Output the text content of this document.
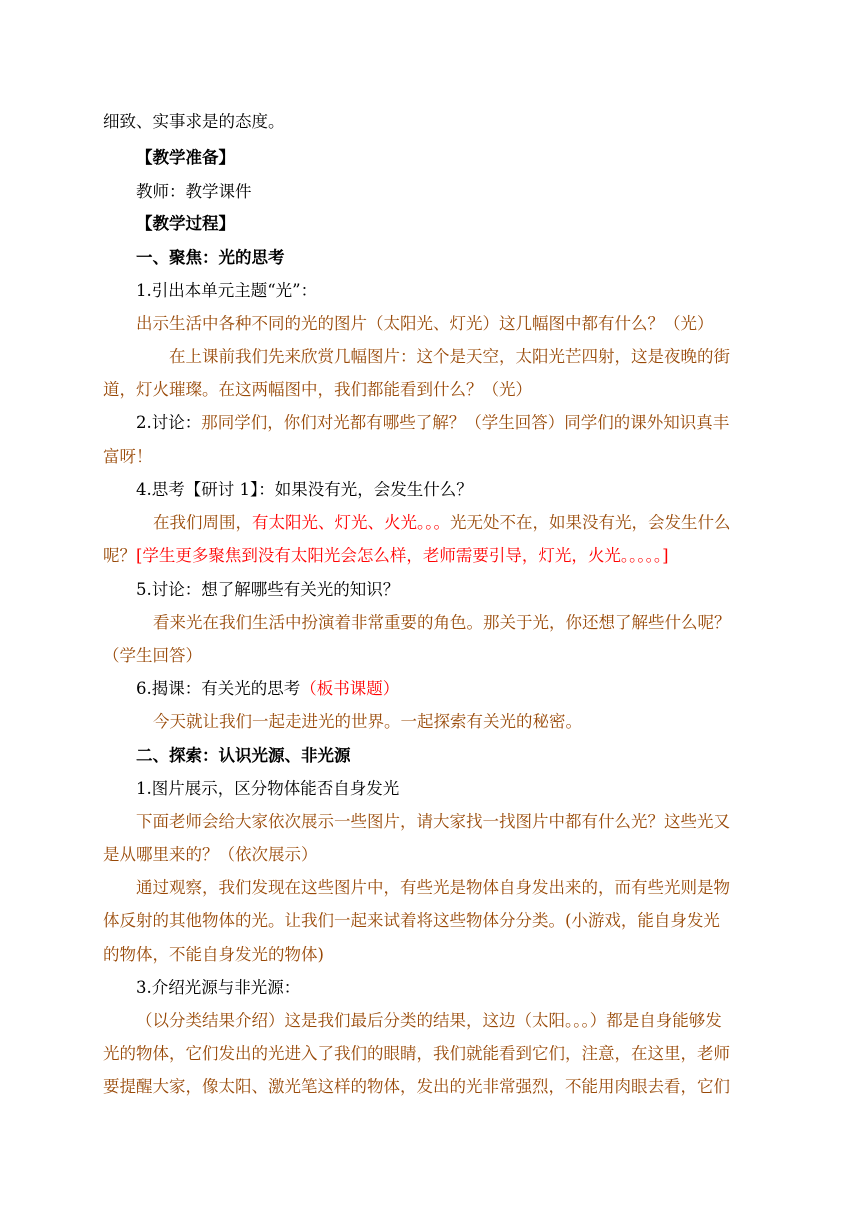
细致、实事求是的态度。
【教学准备】
教师：教学课件
【教学过程】
一、聚焦：光的思考
1.引出本单元主题“光”：
出示生活中各种不同的光的图片（太阳光、灯光）这几幅图中都有什么？（光）
在上课前我们先来欣赏几幅图片：这个是天空，太阳光芒四射，这是夜晚的街
道，灯火璀璨。在这两幅图中，我们都能看到什么？（光）
2.讨论：那同学们，你们对光都有哪些了解？（学生回答）同学们的课外知识真丰
富呀！
4.思考【研讨 1】：如果没有光，会发生什么？
在我们周围，有太阳光、灯光、火光。。。光无处不在，如果没有光，会发生什么
呢？[学生更多聚焦到没有太阳光会怎么样，老师需要引导，灯光，火光。。。。。]
5.讨论：想了解哪些有关光的知识？
看来光在我们生活中扮演着非常重要的角色。那关于光，你还想了解些什么呢？
（学生回答）
6.揭课：有关光的思考（板书课题）
今天就让我们一起走进光的世界。一起探索有关光的秘密。
二、探索：认识光源、非光源
1.图片展示，区分物体能否自身发光
下面老师会给大家依次展示一些图片，请大家找一找图片中都有什么光？这些光又
是从哪里来的？（依次展示）
通过观察，我们发现在这些图片中，有些光是物体自身发出来的，而有些光则是物
体反射的其他物体的光。让我们一起来试着将这些物体分分类。(小游戏，能自身发光
的物体，不能自身发光的物体)
3.介绍光源与非光源：
（以分类结果介绍）这是我们最后分类的结果，这边（太阳。。。）都是自身能够发
光的物体，它们发出的光进入了我们的眼睛，我们就能看到它们，注意，在这里，老师
要提醒大家，像太阳、激光笔这样的物体，发出的光非常强烈，不能用肉眼去看，它们
